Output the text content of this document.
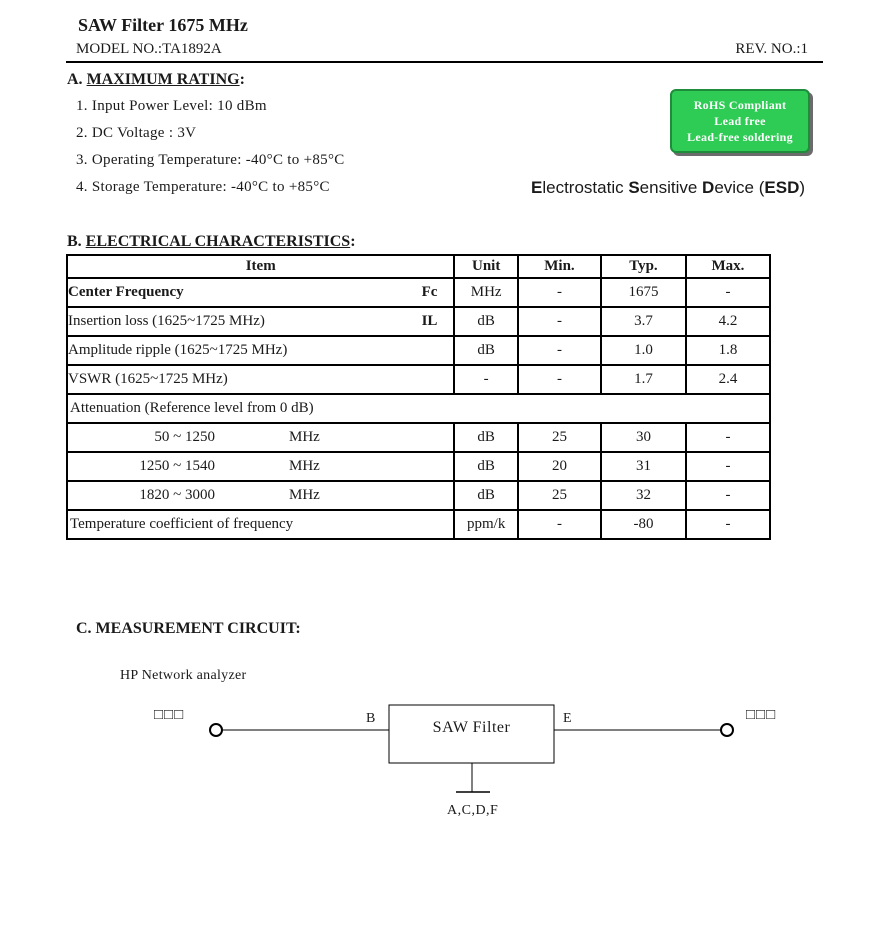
SAW Filter 1675 MHz
MODEL NO.:TA1892A	REV. NO.:1
A. MAXIMUM RATING:
1. Input Power Level: 10 dBm
2. DC Voltage : 3V
3. Operating Temperature: -40°C to +85°C
4. Storage Temperature: -40°C to +85°C
RoHS Compliant
Lead free
Lead-free soldering
Electrostatic Sensitive Device (ESD)
B. ELECTRICAL CHARACTERISTICS:
Item	Unit	Min.	Typ.	Max.

Center Frequency Fc	MHz	-	1675	-

Insertion loss (1625~1725 MHz) IL	dB	-	3.7	4.2
Amplitude ripple (1625~1725 MHz)	dB	-	1.0	1.8
VSWR (1625~1725 MHz)	-	-	1.7	2.4
Attenuation (Reference level from 0 dB)				

50 ~ 1250 MHz	dB	25	30	-

1250 ~ 1540 MHz	dB	20	31	-

1820 ~ 3000 MHz	dB	25	32	-
Temperature coefficient of frequency	ppm/k	-	-80	-
C. MEASUREMENT CIRCUIT:
HP Network analyzer
□□□	□□□
B	E
SAW Filter
A,C,D,F
